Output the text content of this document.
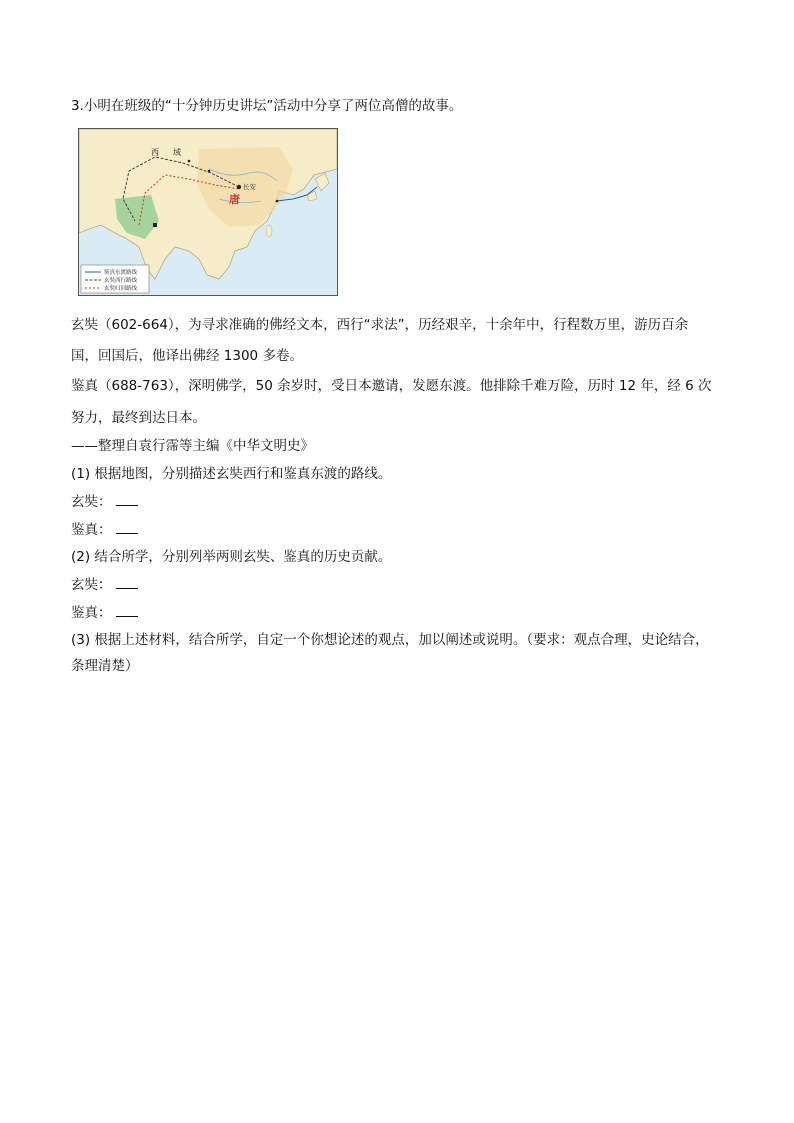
3.小明在班级的“十分钟历史讲坛”活动中分享了两位高僧的故事。
长安
唐
西 域
鉴真东渡路线
玄奘西行路线
玄奘归回路线
玄奘（602-664），为寻求准确的佛经文本，西行“求法”，历经艰辛，十余年中，行程数万里，游历百余
国，回国后，他译出佛经 1300 多卷。
鉴真（688-763），深明佛学，50 余岁时，受日本邀请，发愿东渡。他排除千难万险，历时 12 年，经 6 次
努力，最终到达日本。
——整理自袁行霈等主编《中华文明史》
(1) 根据地图，分别描述玄奘西行和鉴真东渡的路线。
玄奘：
鉴真：
(2) 结合所学，分别列举两则玄奘、鉴真的历史贡献。
玄奘：
鉴真：
(3) 根据上述材料，结合所学，自定一个你想论述的观点，加以阐述或说明。（要求：观点合理，史论结合，
条理清楚）
